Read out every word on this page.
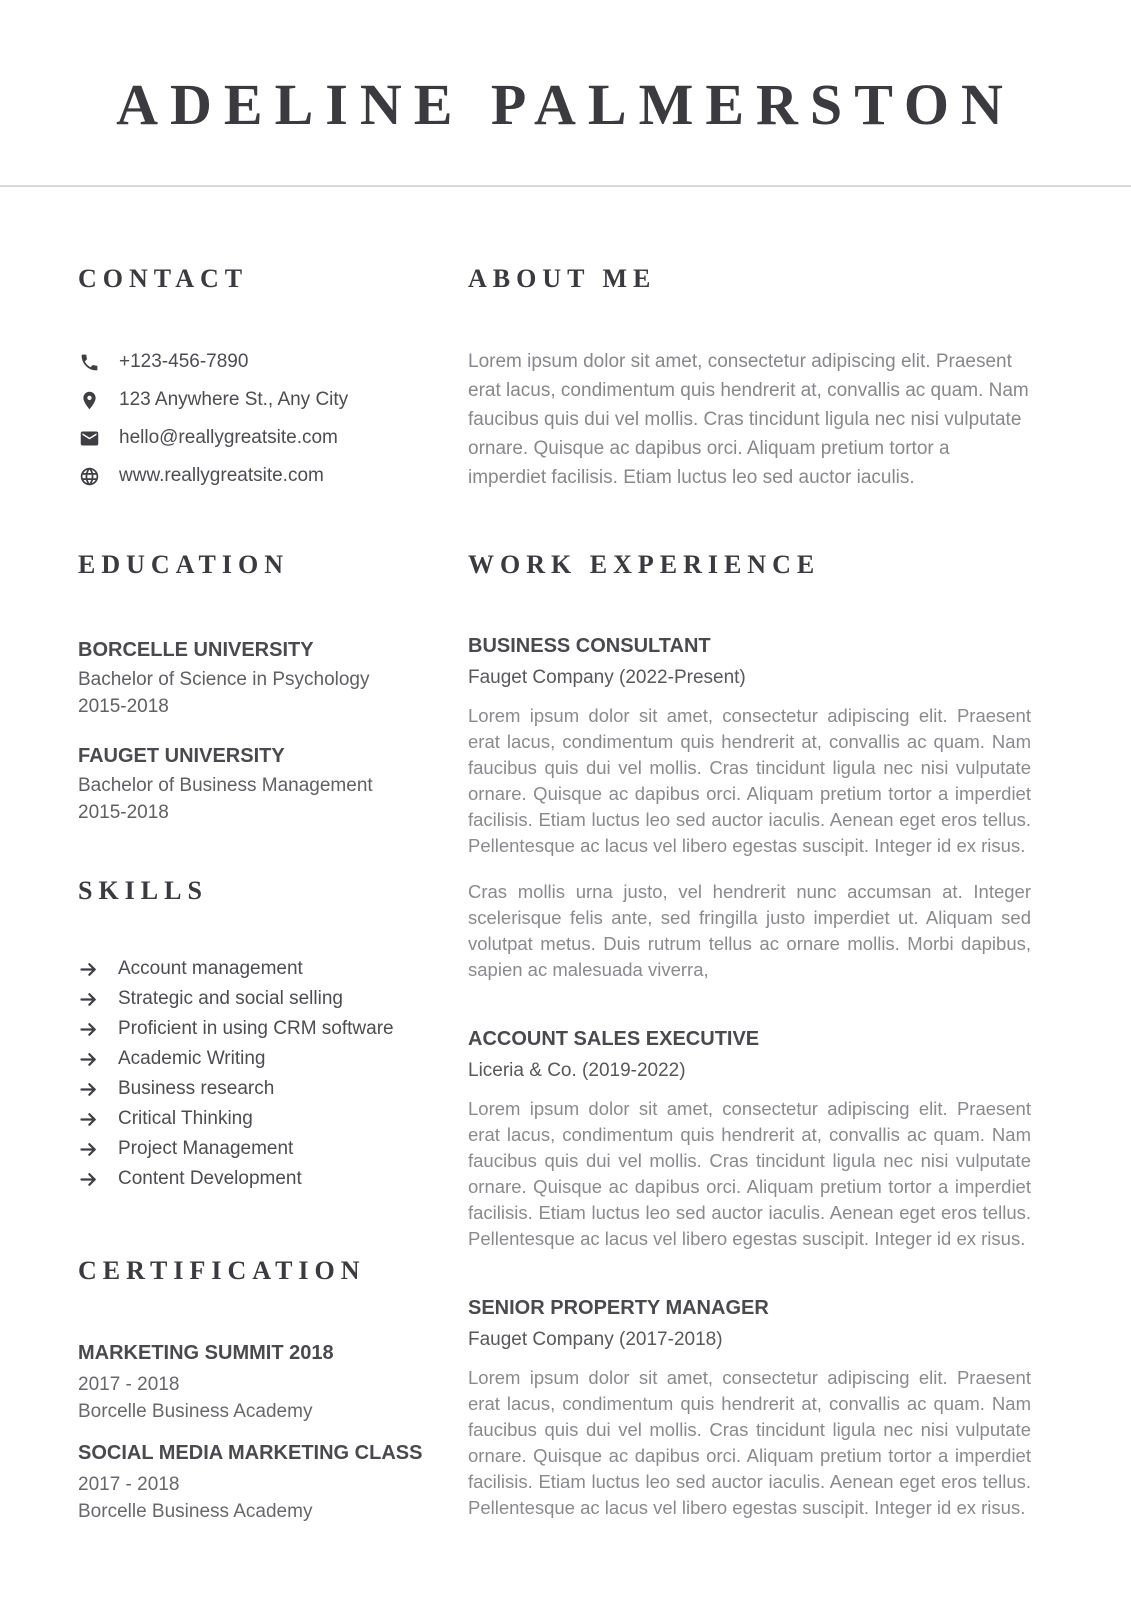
ADELINE PALMERSTON
CONTACT
+123-456-7890
123 Anywhere St., Any City
hello@reallygreatsite.com
www.reallygreatsite.com
EDUCATION
BORCELLE UNIVERSITY
Bachelor of Science in Psychology
2015-2018
FAUGET UNIVERSITY
Bachelor of Business Management
2015-2018
SKILLS
Account management
Strategic and social selling
Proficient in using CRM software
Academic Writing
Business research
Critical Thinking
Project Management
Content Development
CERTIFICATION
MARKETING SUMMIT 2018
2017 - 2018
Borcelle Business Academy
SOCIAL MEDIA MARKETING CLASS
2017 - 2018
Borcelle Business Academy
ABOUT ME

Lorem ipsum dolor sit amet, consectetur adipiscing elit. Praesent erat lacus, condimentum quis hendrerit at, convallis ac quam. Nam faucibus quis dui vel mollis. Cras tincidunt ligula nec nisi vulputate ornare. Quisque ac dapibus orci. Aliquam pretium tortor a imperdiet facilisis. Etiam luctus leo sed auctor iaculis.

WORK EXPERIENCE
BUSINESS CONSULTANT
Fauget Company (2022-Present)

Lorem ipsum dolor sit amet, consectetur adipiscing elit. Praesent erat lacus, condimentum quis hendrerit at, convallis ac quam. Nam faucibus quis dui vel mollis. Cras tincidunt ligula nec nisi vulputate ornare. Quisque ac dapibus orci. Aliquam pretium tortor a imperdiet facilisis. Etiam luctus leo sed auctor iaculis. Aenean eget eros tellus. Pellentesque ac lacus vel libero egestas suscipit. Integer id ex risus.

Cras mollis urna justo, vel hendrerit nunc accumsan at. Integer scelerisque felis ante, sed fringilla justo imperdiet ut. Aliquam sed volutpat metus. Duis rutrum tellus ac ornare mollis. Morbi dapibus, sapien ac malesuada viverra,

ACCOUNT SALES EXECUTIVE
Liceria & Co. (2019-2022)

Lorem ipsum dolor sit amet, consectetur adipiscing elit. Praesent erat lacus, condimentum quis hendrerit at, convallis ac quam. Nam faucibus quis dui vel mollis. Cras tincidunt ligula nec nisi vulputate ornare. Quisque ac dapibus orci. Aliquam pretium tortor a imperdiet facilisis. Etiam luctus leo sed auctor iaculis. Aenean eget eros tellus. Pellentesque ac lacus vel libero egestas suscipit. Integer id ex risus.

SENIOR PROPERTY MANAGER
Fauget Company (2017-2018)

Lorem ipsum dolor sit amet, consectetur adipiscing elit. Praesent erat lacus, condimentum quis hendrerit at, convallis ac quam. Nam faucibus quis dui vel mollis. Cras tincidunt ligula nec nisi vulputate ornare. Quisque ac dapibus orci. Aliquam pretium tortor a imperdiet facilisis. Etiam luctus leo sed auctor iaculis. Aenean eget eros tellus. Pellentesque ac lacus vel libero egestas suscipit. Integer id ex risus.
